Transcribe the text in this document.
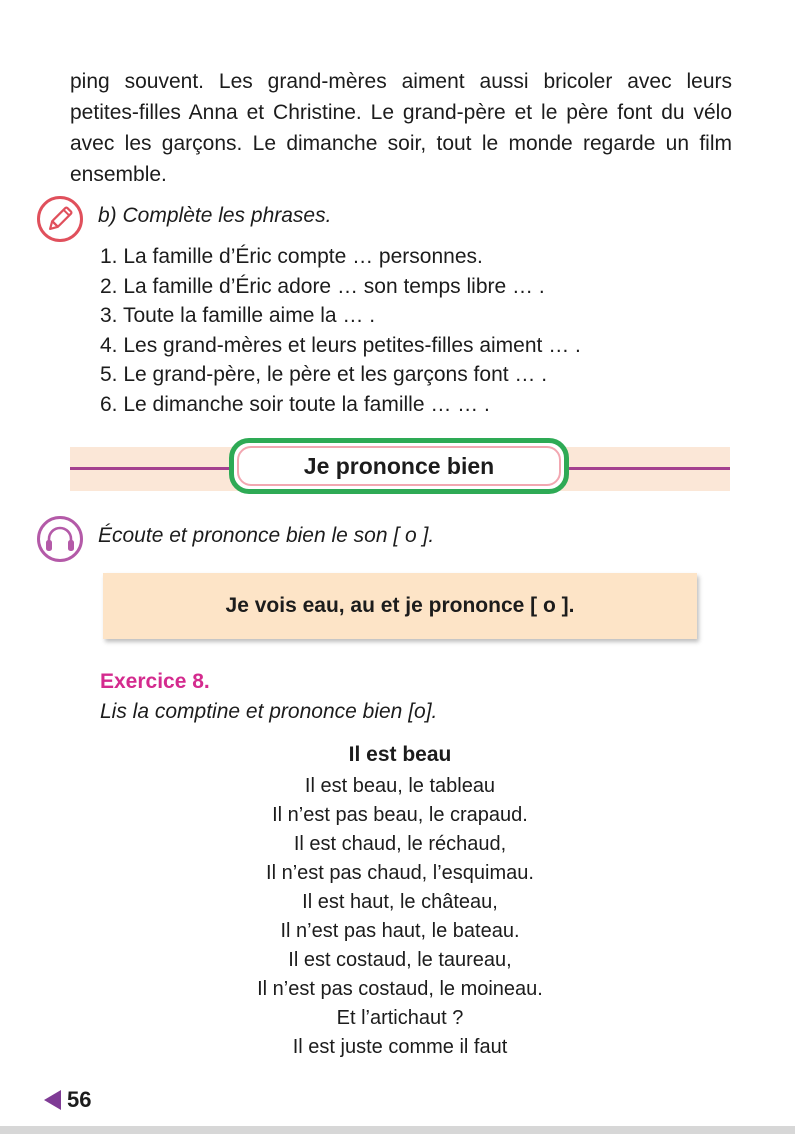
ping souvent. Les grand-mères aiment aussi bricoler avec leurs petites-filles Anna et Christine. Le grand-père et le père font du vélo avec les garçons. Le dimanche soir, tout le monde regarde un film ensemble.

b) Complète les phrases.

1. La famille d’Éric compte … personnes.
2. La famille d’Éric adore … son temps libre … .
3. Toute la famille aime la … .
4. Les grand-mères et leurs petites-filles aiment … .
5. Le grand-père, le père et les garçons font … .
6. Le dimanche soir toute la famille … … .
Je prononce bien

Écoute et prononce bien le son [ o ].

Je vois eau, au et je prononce [ o ].

Exercice 8.

Lis la comptine et prononce bien [o].

Il est beau

Il est beau, le tableau

Il n’est pas beau, le crapaud.

Il est chaud, le réchaud,

Il n’est pas chaud, l’esquimau.

Il est haut, le château,

Il n’est pas haut, le bateau.

Il est costaud, le taureau,

Il n’est pas costaud, le moineau.

Et l’artichaut ?

Il est juste comme il faut

56
